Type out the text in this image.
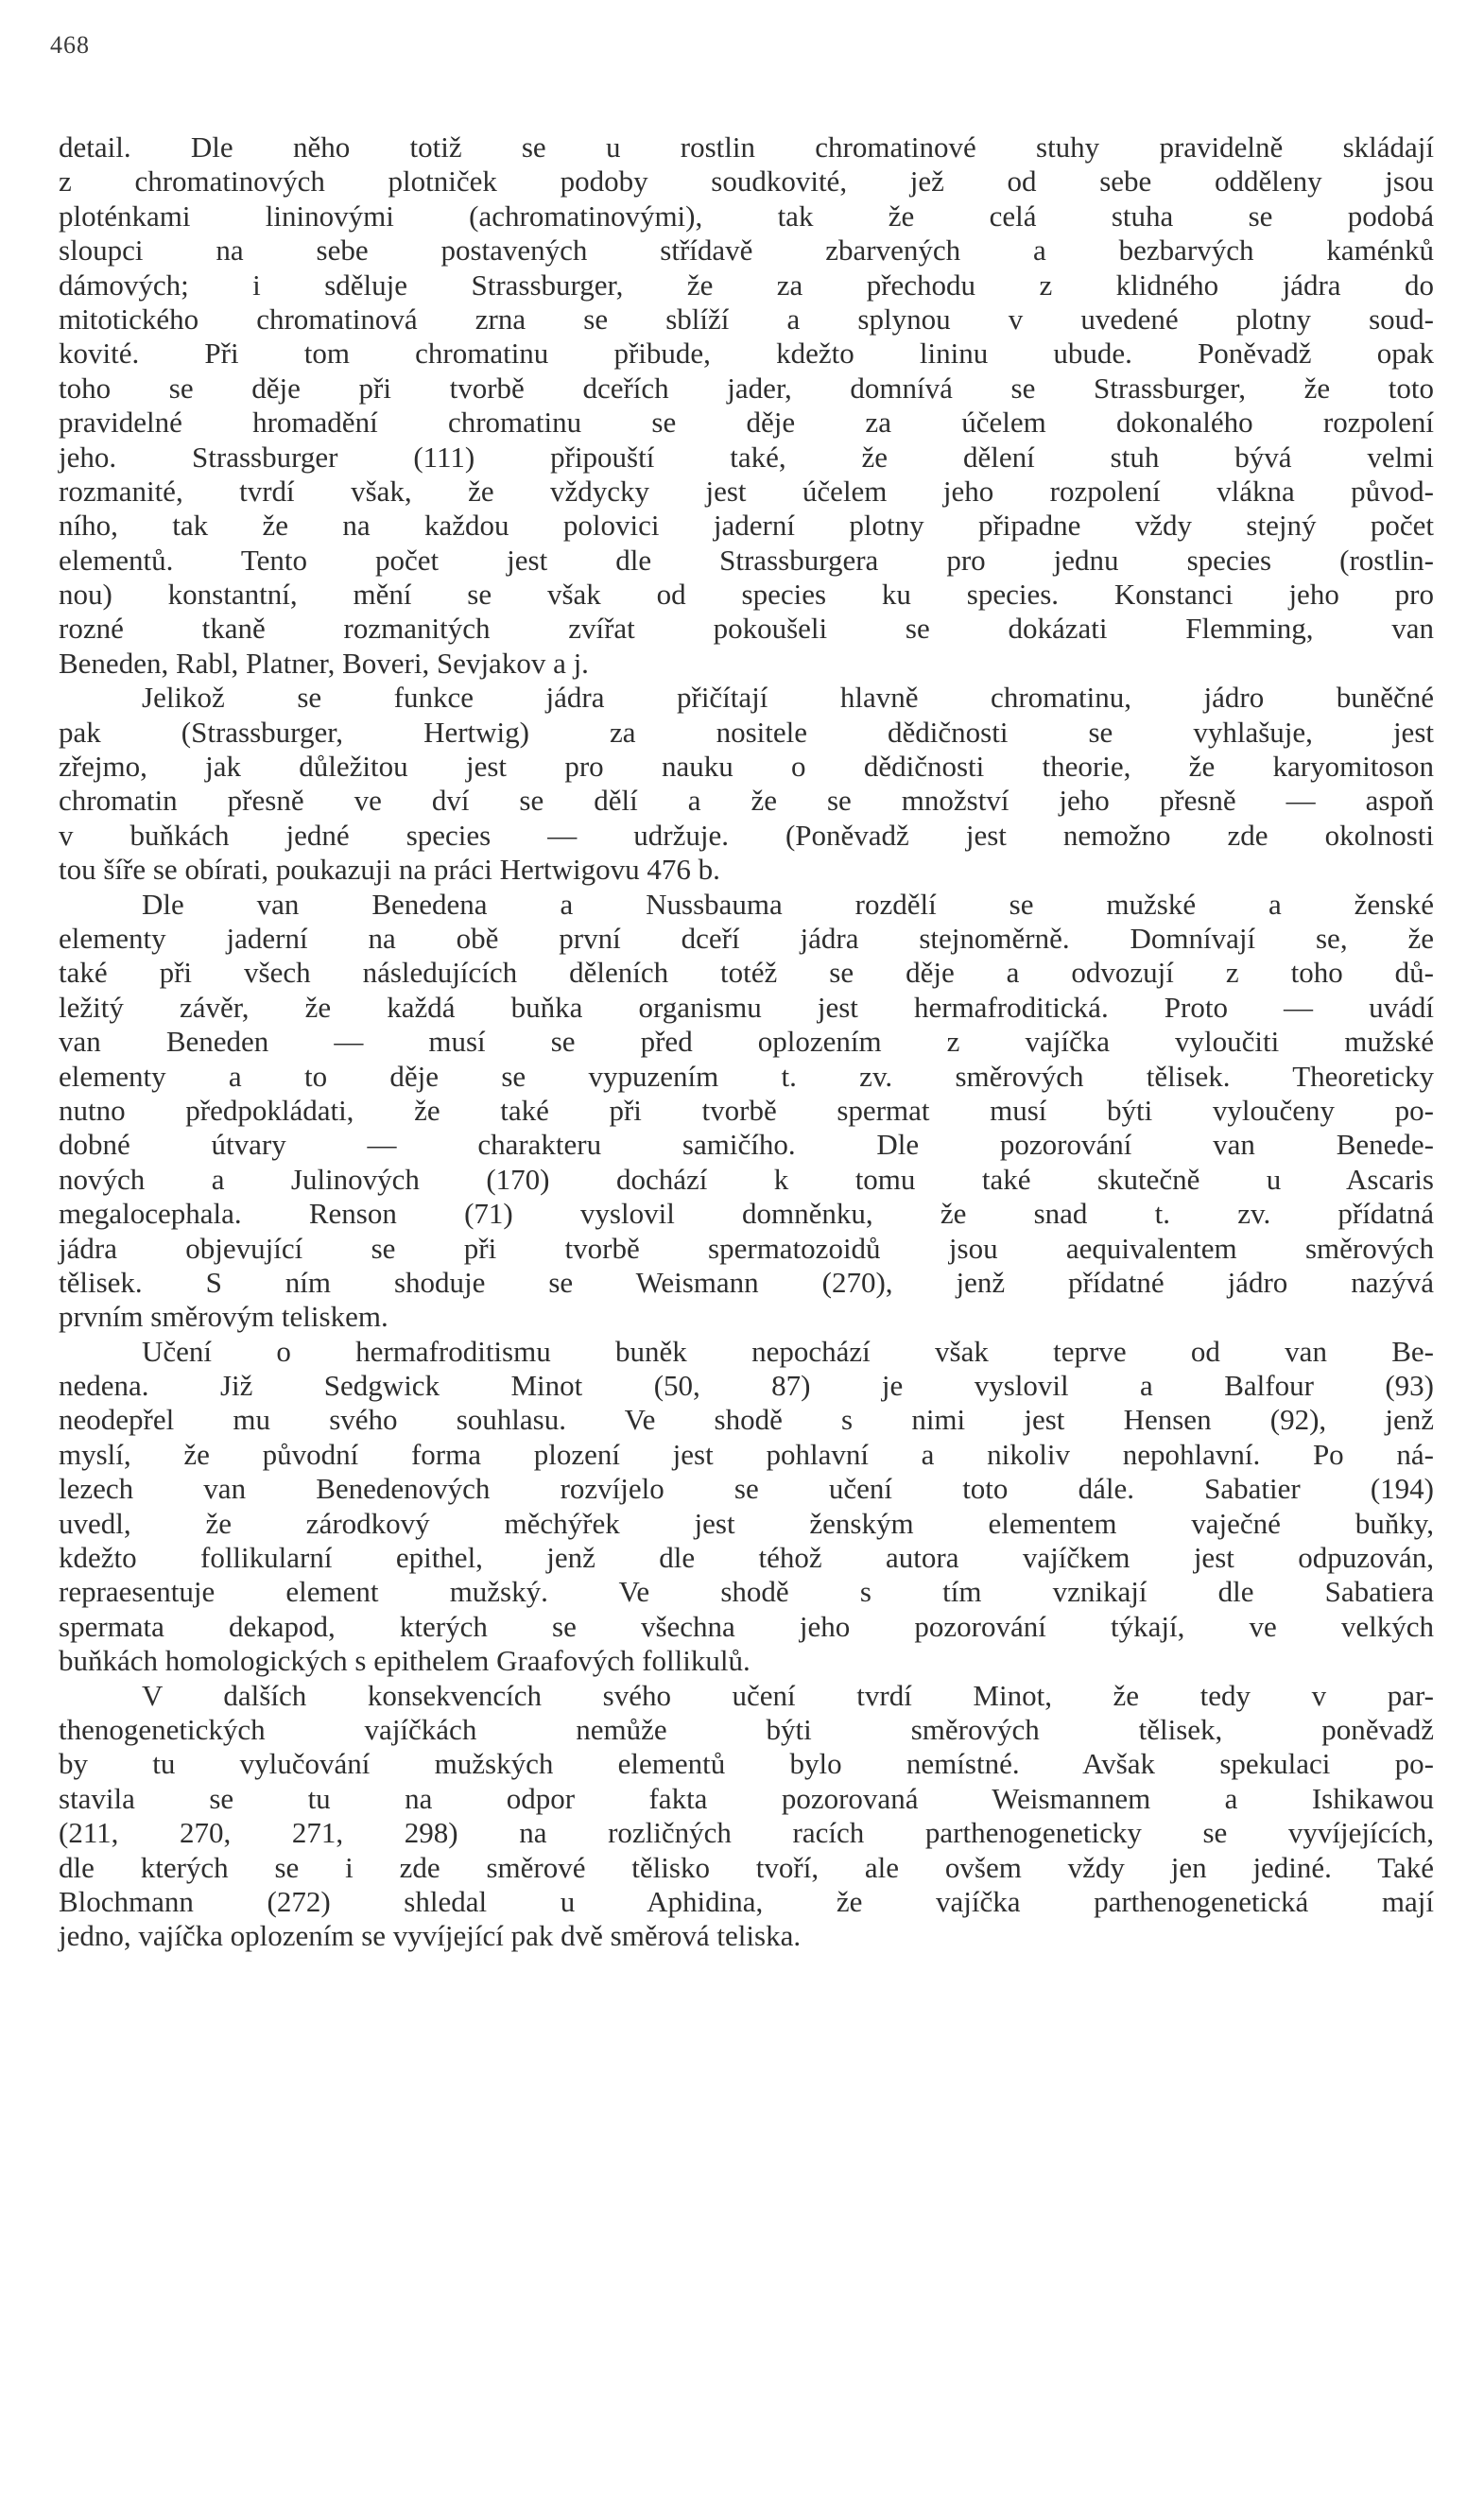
468
detail. Dle něho totiž se u rostlin chromatinové stuhy pravidelně skládají
z chromatinových plotniček podoby soudkovité, jež od sebe odděleny jsou
ploténkami lininovými (achromatinovými), tak že celá stuha se podobá
sloupci na sebe postavených střídavě zbarvených a bezbarvých kaménků
dámových; i sděluje Strassburger, že za přechodu z klidného jádra do
mitotického chromatinová zrna se sblíží a splynou v uvedené plotny soud-
kovité. Při tom chromatinu přibude, kdežto lininu ubude. Poněvadž opak
toho se děje při tvorbě dceřích jader, domnívá se Strassburger, že toto
pravidelné hromadění chromatinu se děje za účelem dokonalého rozpolení
jeho. Strassburger (111) připouští také, že dělení stuh bývá velmi
rozmanité, tvrdí však, že vždycky jest účelem jeho rozpolení vlákna původ-
ního, tak že na každou polovici jaderní plotny připadne vždy stejný počet
elementů. Tento počet jest dle Strassburgera pro jednu species (rostlin-
nou) konstantní, mění se však od species ku species. Konstanci jeho pro
rozné tkaně rozmanitých zvířat pokoušeli se dokázati Flemming, van
Beneden, Rabl, Platner, Boveri, Sevjakov a j.
Jelikož se funkce jádra přičítají hlavně chromatinu, jádro buněčné
pak (Strassburger, Hertwig) za nositele dědičnosti se vyhlašuje, jest
zřejmo, jak důležitou jest pro nauku o dědičnosti theorie, že karyomitoson
chromatin přesně ve dví se dělí a že se množství jeho přesně — aspoň
v buňkách jedné species — udržuje. (Poněvadž jest nemožno zde okolnosti
tou šíře se obírati, poukazuji na práci Hertwigovu 476 b.
Dle van Benedena a Nussbauma rozdělí se mužské a ženské
elementy jaderní na obě první dceří jádra stejnoměrně. Domnívají se, že
také při všech následujících děleních totéž se děje a odvozují z toho dů-
ležitý závěr, že každá buňka organismu jest hermafroditická. Proto — uvádí
van Beneden — musí se před oplozením z vajíčka vyloučiti mužské
elementy a to děje se vypuzením t. zv. směrových tělisek. Theoreticky
nutno předpokládati, že také při tvorbě spermat musí býti vyloučeny po-
dobné útvary — charakteru samičího. Dle pozorování van Benede-
nových a Julinových (170) dochází k tomu také skutečně u Ascaris
megalocephala. Renson (71) vyslovil domněnku, že snad t. zv. přídatná
jádra objevující se při tvorbě spermatozoidů jsou aequivalentem směrových
tělisek. S ním shoduje se Weismann (270), jenž přídatné jádro nazývá
prvním směrovým teliskem.
Učení o hermafroditismu buněk nepochází však teprve od van Be-
nedena. Již Sedgwick Minot (50, 87) je vyslovil a Balfour (93)
neodepřel mu svého souhlasu. Ve shodě s nimi jest Hensen (92), jenž
myslí, že původní forma plození jest pohlavní a nikoliv nepohlavní. Po ná-
lezech van Benedenových rozvíjelo se učení toto dále. Sabatier (194)
uvedl, že zárodkový měchýřek jest ženským elementem vaječné buňky,
kdežto follikularní epithel, jenž dle téhož autora vajíčkem jest odpuzován,
repraesentuje element mužský. Ve shodě s tím vznikají dle Sabatiera
spermata dekapod, kterých se všechna jeho pozorování týkají, ve velkých
buňkách homologických s epithelem Graafových follikulů.
V dalších konsekvencích svého učení tvrdí Minot, že tedy v par-
thenogenetických vajíčkách nemůže býti směrových tělisek, poněvadž
by tu vylučování mužských elementů bylo nemístné. Avšak spekulaci po-
stavila se tu na odpor fakta pozorovaná Weismannem a Ishikawou
(211, 270, 271, 298) na rozličných racích parthenogeneticky se vyvíjejících,
dle kterých se i zde směrové tělisko tvoří, ale ovšem vždy jen jediné. Také
Blochmann (272) shledal u Aphidina, že vajíčka parthenogenetická mají
jedno, vajíčka oplozením se vyvíjející pak dvě směrová teliska.
